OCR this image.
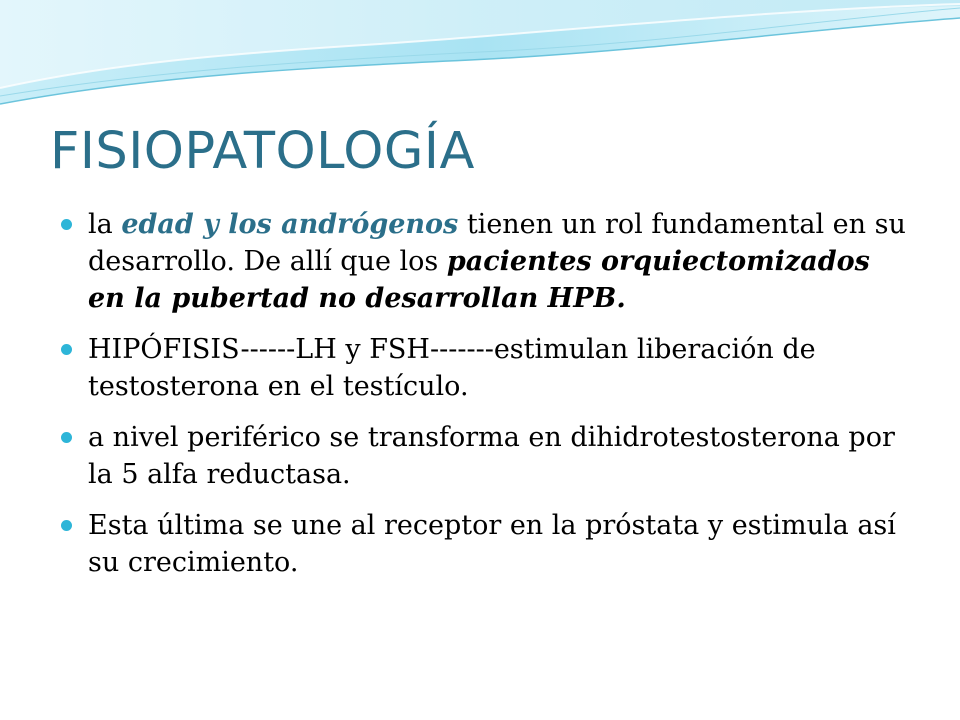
FISIOPATOLOGÍA
la edad y los andrógenos tienen un rol fundamental en su desarrollo. De allí que los pacientes orquiectomizados en la pubertad no desarrollan HPB.
HIPÓFISIS------LH y FSH-------estimulan liberación de testosterona en el testículo.
a nivel periférico se transforma en dihidrotestosterona por la 5 alfa reductasa.
Esta última se une al receptor en la próstata y estimula así su crecimiento.
